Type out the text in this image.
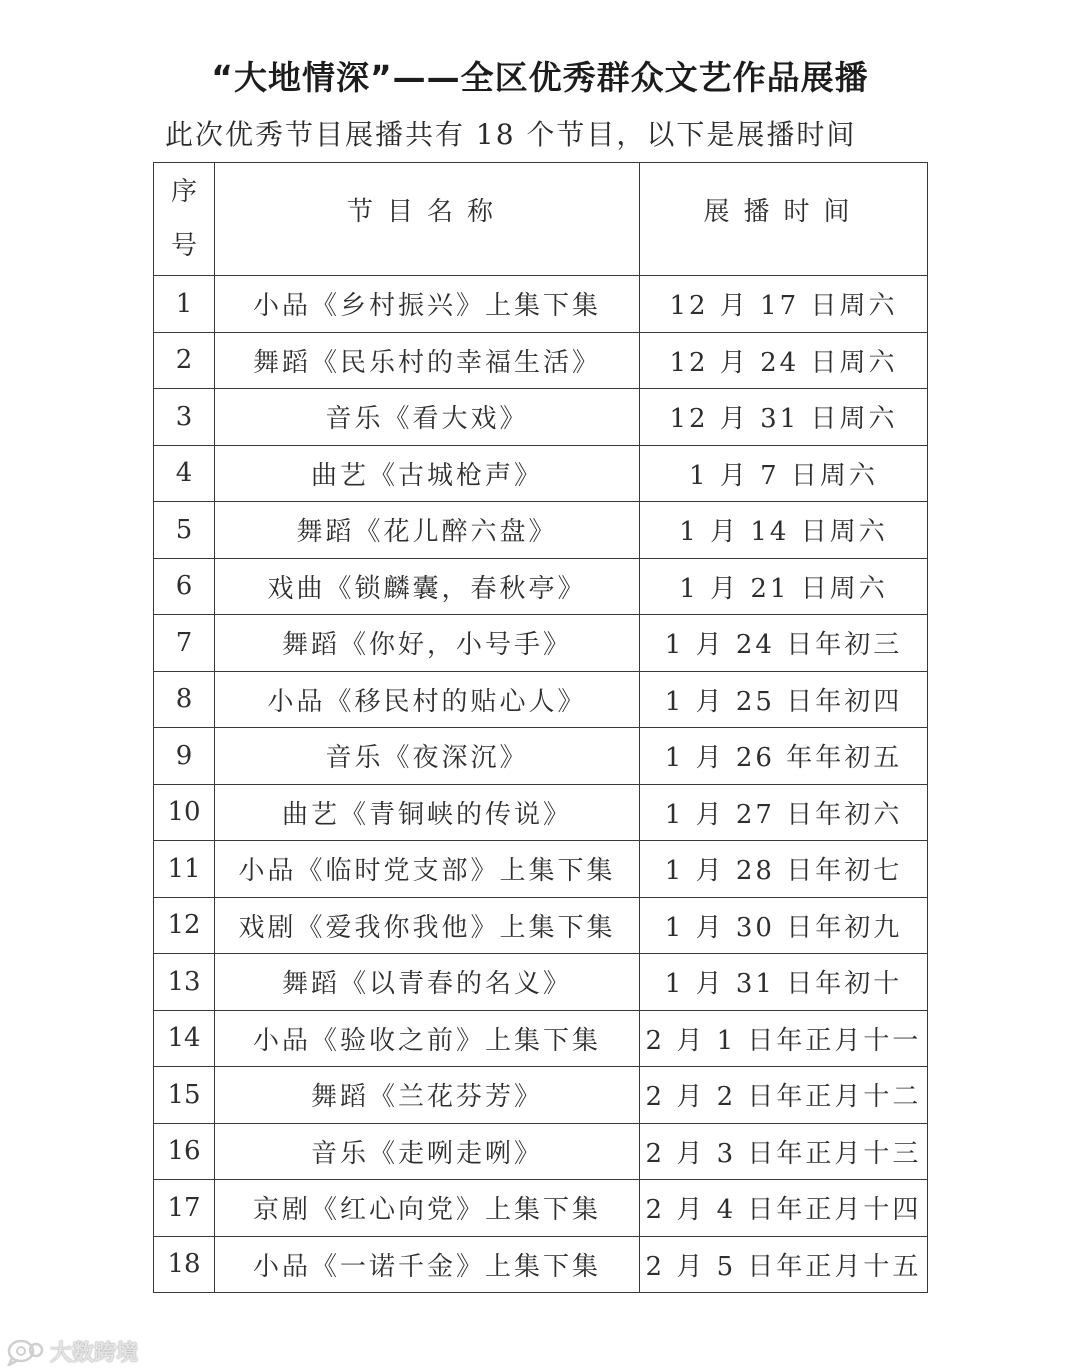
“大地情深”——全区优秀群众文艺作品展播
此次优秀节目展播共有 18 个节目，以下是展播时间
序
号	节目名称	展播时间
1	小品《乡村振兴》上集下集	12 月 17 日周六
2	舞蹈《民乐村的幸福生活》	12 月 24 日周六
3	音乐《看大戏》	12 月 31 日周六
4	曲艺《古城枪声》	1 月 7 日周六
5	舞蹈《花儿醉六盘》	1 月 14 日周六
6	戏曲《锁麟囊，春秋亭》	1 月 21 日周六
7	舞蹈《你好，小号手》	1 月 24 日年初三
8	小品《移民村的贴心人》	1 月 25 日年初四
9	音乐《夜深沉》	1 月 26 年年初五
10	曲艺《青铜峡的传说》	1 月 27 日年初六
11	小品《临时党支部》上集下集	1 月 28 日年初七
12	戏剧《爱我你我他》上集下集	1 月 30 日年初九
13	舞蹈《以青春的名义》	1 月 31 日年初十
14	小品《验收之前》上集下集	2 月 1 日年正月十一
15	舞蹈《兰花芬芳》	2 月 2 日年正月十二
16	音乐《走咧走咧》	2 月 3 日年正月十三
17	京剧《红心向党》上集下集	2 月 4 日年正月十四
18	小品《一诺千金》上集下集	2 月 5 日年正月十五
大数跨境
